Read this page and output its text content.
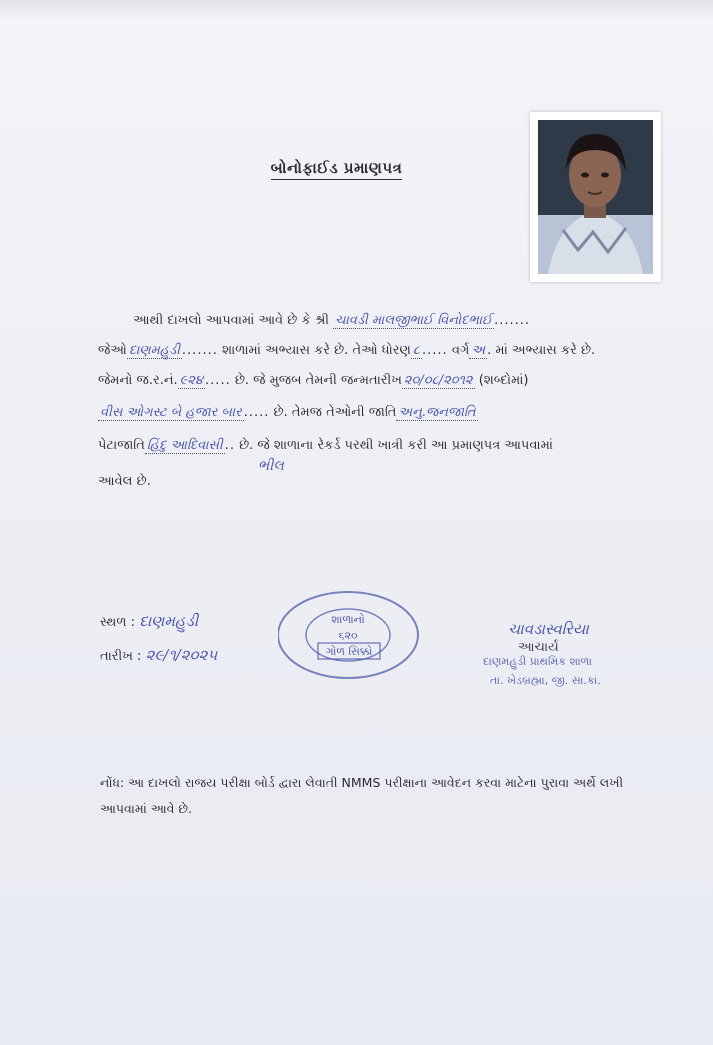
બોનોફાઈડ પ્રમાણપત્ર
આથી દાખલો આપવામાં આવે છે કે શ્રી ચાવડી માલજીભાઈ વિનોદભાઈ .......
જેઓ દાણમહુડી ....... શાળામાં અભ્યાસ કરે છે. તેઓ ધોરણ ૮ ..... વર્ગ અ . માં અભ્યાસ કરે છે.
જેમનો જ.ર.નં. ૯૨૪ ..... છે. જે મુજબ તેમની જન્મતારીખ ૨૦/૦૮/૨૦૧૨ (શબ્દોમાં)
વીસ ઓગસ્ટ બે હજાર બાર ..... છે. તેમજ તેઓની જાતિ અનુ.જનજાતિ
પેટાજાતિ હિંદુ આદિવાસી .. છે. જે શાળાના રેકર્ડ પરથી ખાત્રી કરી આ પ્રમાણપત્ર આપવામાં
ભીલ
આવેલ છે.
સ્થળ : દાણમહુડી
તારીખ : ૨૯/૧/૨૦૨૫
શાળાનો
૬૨૦
ગોળ સિક્કો
ચાવડાસ્વરિયા
આચાર્ય
દાણમહુડી પ્રાથમિક શાળા
તા. ખેડબ્રહ્મા, જી. સા.કાં.
નોંધ: આ દાખલો રાજય પરીક્ષા બોર્ડ દ્વારા લેવાતી NMMS પરીક્ષાના આવેદન કરવા માટેના પુરાવા અર્થે લખી આપવામાં આવે છે.
